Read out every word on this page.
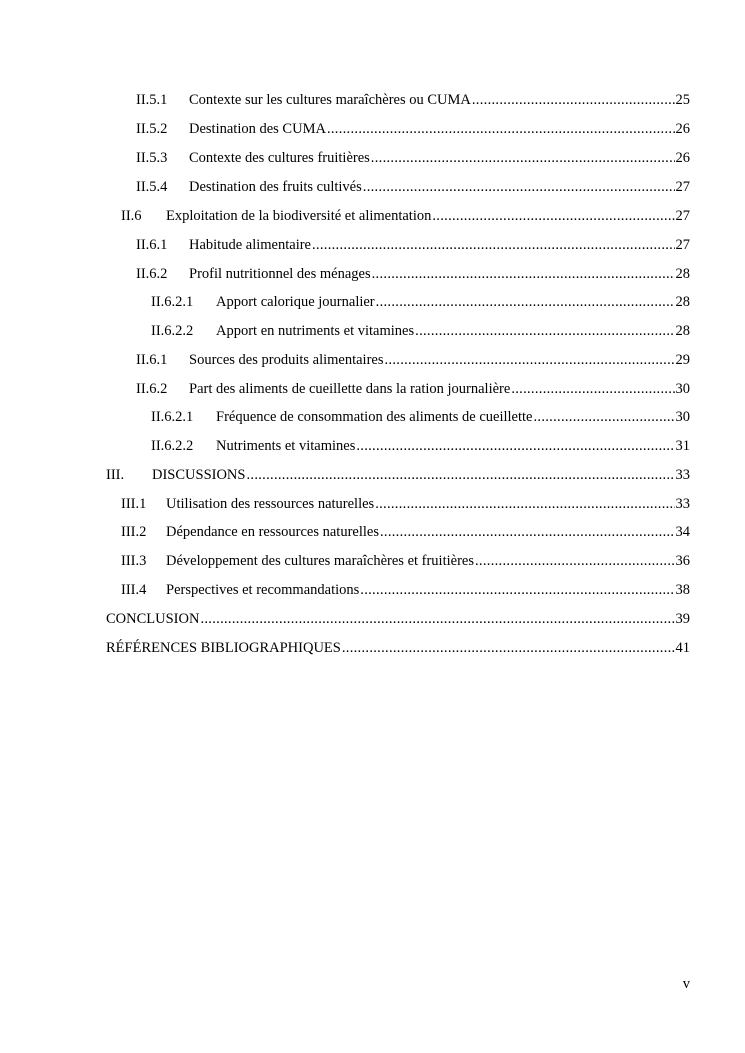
II.5.1	Contexte sur les cultures maraîchères ou CUMA .....	25
II.5.2	Destination des CUMA .....	26
II.5.3	Contexte des cultures fruitières .....	26
II.5.4	Destination des fruits cultivés .....	27
II.6	Exploitation de la biodiversité et alimentation .....	27
II.6.1	Habitude alimentaire .....	27
II.6.2	Profil nutritionnel des ménages .....	28
II.6.2.1	Apport calorique journalier .....	28
II.6.2.2	Apport en nutriments et vitamines .....	28
II.6.1	Sources des produits alimentaires .....	29
II.6.2	Part des aliments de cueillette dans la ration journalière .....	30
II.6.2.1	Fréquence de consommation des aliments de cueillette .....	30
II.6.2.2	Nutriments et vitamines .....	31
III.	DISCUSSIONS .....	33
III.1	Utilisation des ressources naturelles .....	33
III.2	Dépendance en ressources naturelles .....	34
III.3	Développement des cultures maraîchères et fruitières .....	36
III.4	Perspectives et recommandations .....	38
CONCLUSION .....	39
RÉFÉRENCES BIBLIOGRAPHIQUES .....	41
v
